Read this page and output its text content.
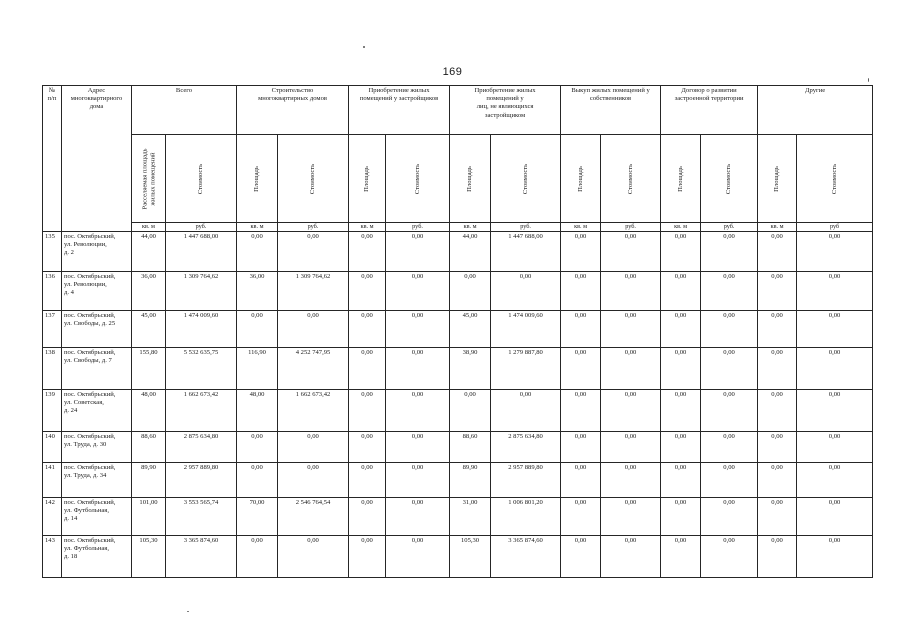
169
№
п/п	Адрес
многоквартирного
дома	Всего		Строительство
многоквартирных домов		Приобретение жилых
помещений у застройщиков		Приобретение жилых
помещений у
лиц, не являющихся
застройщиком		Выкуп жилых помещений у
собственников		Договор о развитии
застроенной территории		Другие	

		Расселяемая площадь
жилых помещений	Стоимость	Площадь	Стоимость	Площадь	Стоимость	Площадь	Стоимость	Площадь	Стоимость	Площадь	Стоимость	Площадь	Стоимость

		кв. м	руб.	кв. м	руб.	кв. м	руб.	кв. м	руб.	кв. м	руб.	кв. м	руб.	кв. м	руб
135	пос. Октябрьский,
ул. Революции,
д. 2	44,00	1 447 688,00	0,00	0,00	0,00	0,00	44,00	1 447 688,00	0,00	0,00	0,00	0,00	0,00	0,00
136	пос. Октябрьский,
ул. Революции,
д. 4	36,00	1 309 764,62	36,00	1 309 764,62	0,00	0,00	0,00	0,00	0,00	0,00	0,00	0,00	0,00	0,00
137	пос. Октябрьский,
ул. Свободы, д. 25	45,00	1 474 009,60	0,00	0,00	0,00	0,00	45,00	1 474 009,60	0,00	0,00	0,00	0,00	0,00	0,00
138	пос. Октябрьский,
ул. Свободы, д. 7	155,80	5 532 635,75	116,90	4 252 747,95	0,00	0,00	38,90	1 279 887,80	0,00	0,00	0,00	0,00	0,00	0,00
139	пос. Октябрьский,
ул. Советская,
д. 24	48,00	1 662 673,42	48,00	1 662 673,42	0,00	0,00	0,00	0,00	0,00	0,00	0,00	0,00	0,00	0,00
140	пос. Октябрьский,
ул. Труда, д. 30	88,60	2 875 634,80	0,00	0,00	0,00	0,00	88,60	2 875 634,80	0,00	0,00	0,00	0,00	0,00	0,00
141	пос. Октябрьский,
ул. Труда, д. 34	89,90	2 957 889,80	0,00	0,00	0,00	0,00	89,90	2 957 889,80	0,00	0,00	0,00	0,00	0,00	0,00
142	пос. Октябрьский,
ул. Футбольная,
д. 14	101,00	3 553 565,74	70,00	2 546 764,54	0,00	0,00	31,00	1 006 801,20	0,00	0,00	0,00	0,00	0,00	0,00
143	пос. Октябрьский,
ул. Футбольная,
д. 18	105,30	3 365 874,60	0,00	0,00	0,00	0,00	105,30	3 365 874,60	0,00	0,00	0,00	0,00	0,00	0,00
